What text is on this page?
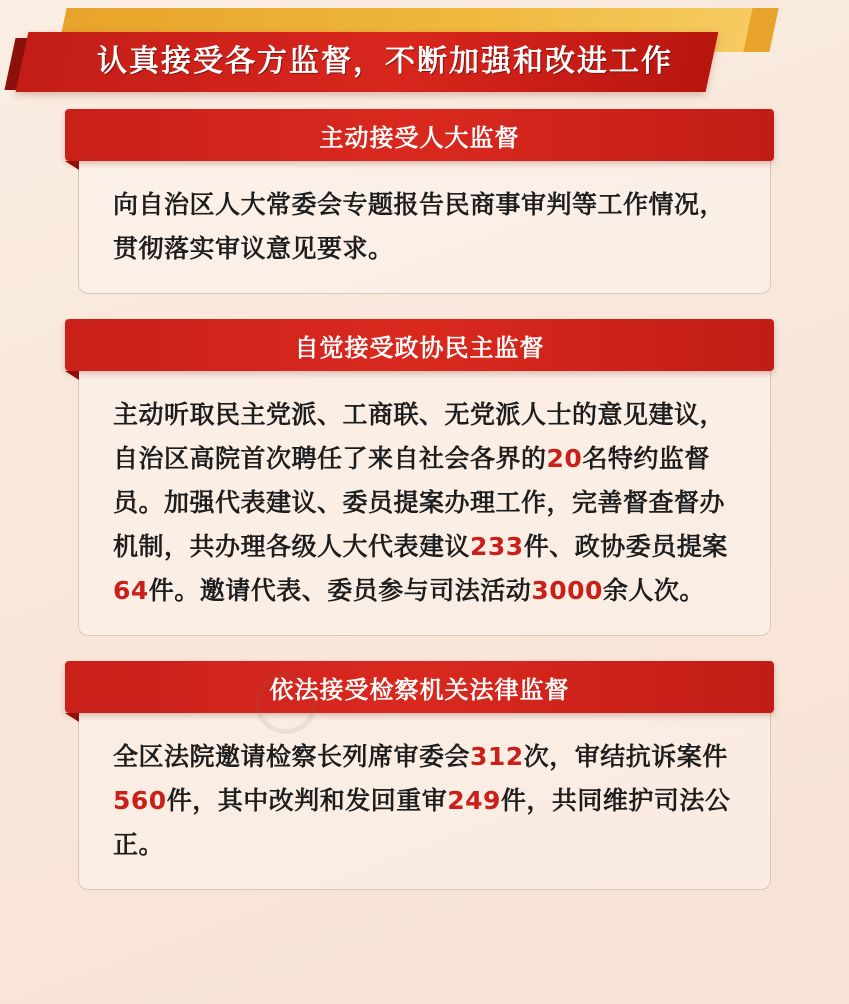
认真接受各方监督，不断加强和改进工作
主动接受人大监督
向自治区人大常委会专题报告民商事审判等工作情况，贯彻落实审议意见要求。
自觉接受政协民主监督
主动听取民主党派、工商联、无党派人士的意见建议，自治区高院首次聘任了来自社会各界的20名特约监督员。加强代表建议、委员提案办理工作，完善督查督办机制，共办理各级人大代表建议233件、政协委员提案64件。邀请代表、委员参与司法活动3000余人次。
依法接受检察机关法律监督
全区法院邀请检察长列席审委会312次，审结抗诉案件560件，其中改判和发回重审249件，共同维护司法公正。
